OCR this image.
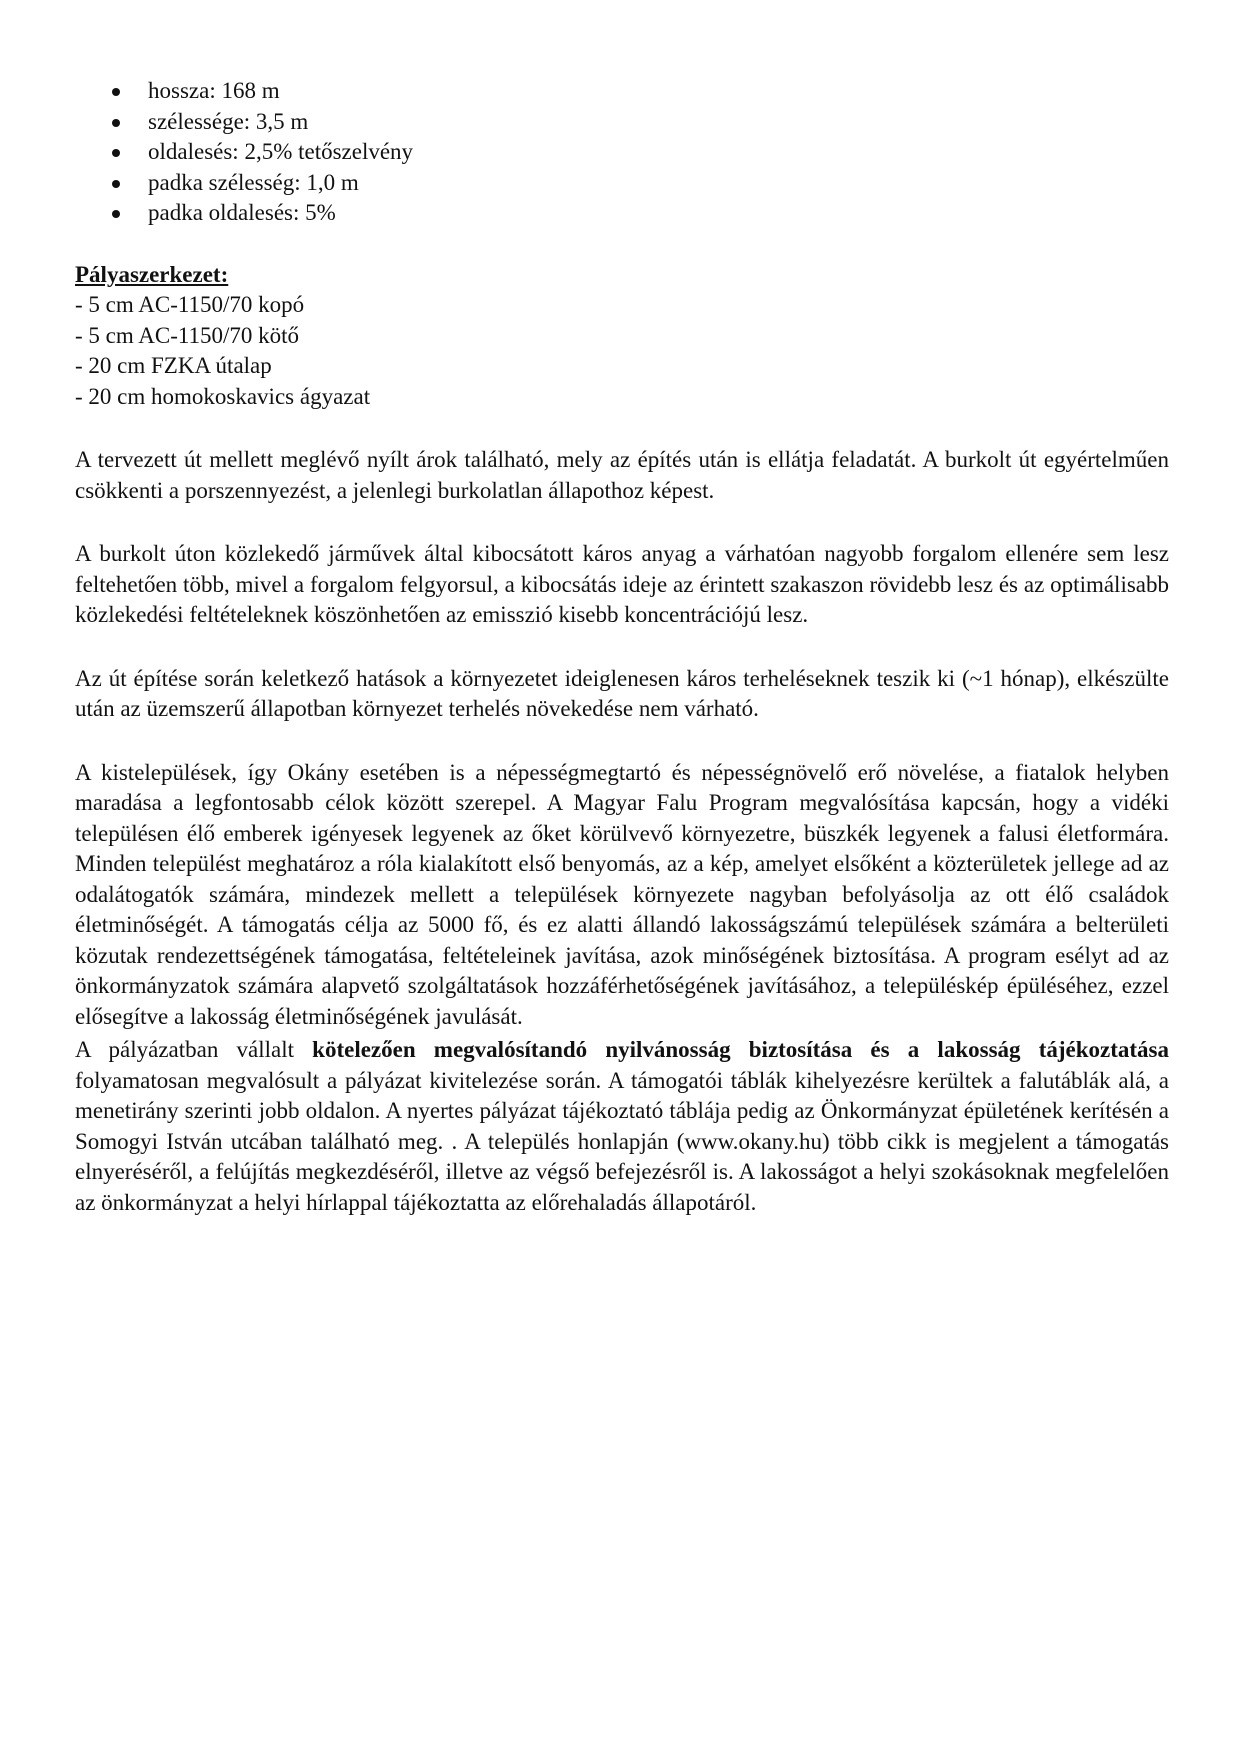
hossza: 168 m
szélessége: 3,5 m
oldalesés: 2,5% tetőszelvény
padka szélesség: 1,0 m
padka oldalesés: 5%
Pályaszerkezet:
- 5 cm AC-1150/70 kopó
- 5 cm AC-1150/70 kötő
- 20 cm FZKA útalap
- 20 cm homokoskavics ágyazat

A tervezett út mellett meglévő nyílt árok található, mely az építés után is ellátja feladatát. A burkolt út egyértelműen csökkenti a porszennyezést, a jelenlegi burkolatlan állapothoz képest.

A burkolt úton közlekedő járművek által kibocsátott káros anyag a várhatóan nagyobb forgalom ellenére sem lesz feltehetően több, mivel a forgalom felgyorsul, a kibocsátás ideje az érintett szakaszon rövidebb lesz és az optimálisabb közlekedési feltételeknek köszönhetően az emisszió kisebb koncentrációjú lesz.

Az út építése során keletkező hatások a környezetet ideiglenesen káros terheléseknek teszik ki (~1 hónap), elkészülte után az üzemszerű állapotban környezet terhelés növekedése nem várható.

A kistelepülések, így Okány esetében is a népességmegtartó és népességnövelő erő növelése, a fiatalok helyben maradása a legfontosabb célok között szerepel. A Magyar Falu Program megvalósítása kapcsán, hogy a vidéki településen élő emberek igényesek legyenek az őket körülvevő környezetre, büszkék legyenek a falusi életformára. Minden települést meghatároz a róla kialakított első benyomás, az a kép, amelyet elsőként a közterületek jellege ad az odalátogatók számára, mindezek mellett a települések környezete nagyban befolyásolja az ott élő családok életminőségét. A támogatás célja az 5000 fő, és ez alatti állandó lakosságszámú települések számára a belterületi közutak rendezettségének támogatása, feltételeinek javítása, azok minőségének biztosítása. A program esélyt ad az önkormányzatok számára alapvető szolgáltatások hozzáférhetőségének javításához, a településkép épüléséhez, ezzel elősegítve a lakosság életminőségének javulását.

A pályázatban vállalt kötelezően megvalósítandó nyilvánosság biztosítása és a lakosság tájékoztatása folyamatosan megvalósult a pályázat kivitelezése során. A támogatói táblák kihelyezésre kerültek a falutáblák alá, a menetirány szerinti jobb oldalon. A nyertes pályázat tájékoztató táblája pedig az Önkormányzat épületének kerítésén a Somogyi István utcában található meg. . A település honlapján (www.okany.hu) több cikk is megjelent a támogatás elnyeréséről, a felújítás megkezdéséről, illetve az végső befejezésről is. A lakosságot a helyi szokásoknak megfelelően az önkormányzat a helyi hírlappal tájékoztatta az előrehaladás állapotáról.
